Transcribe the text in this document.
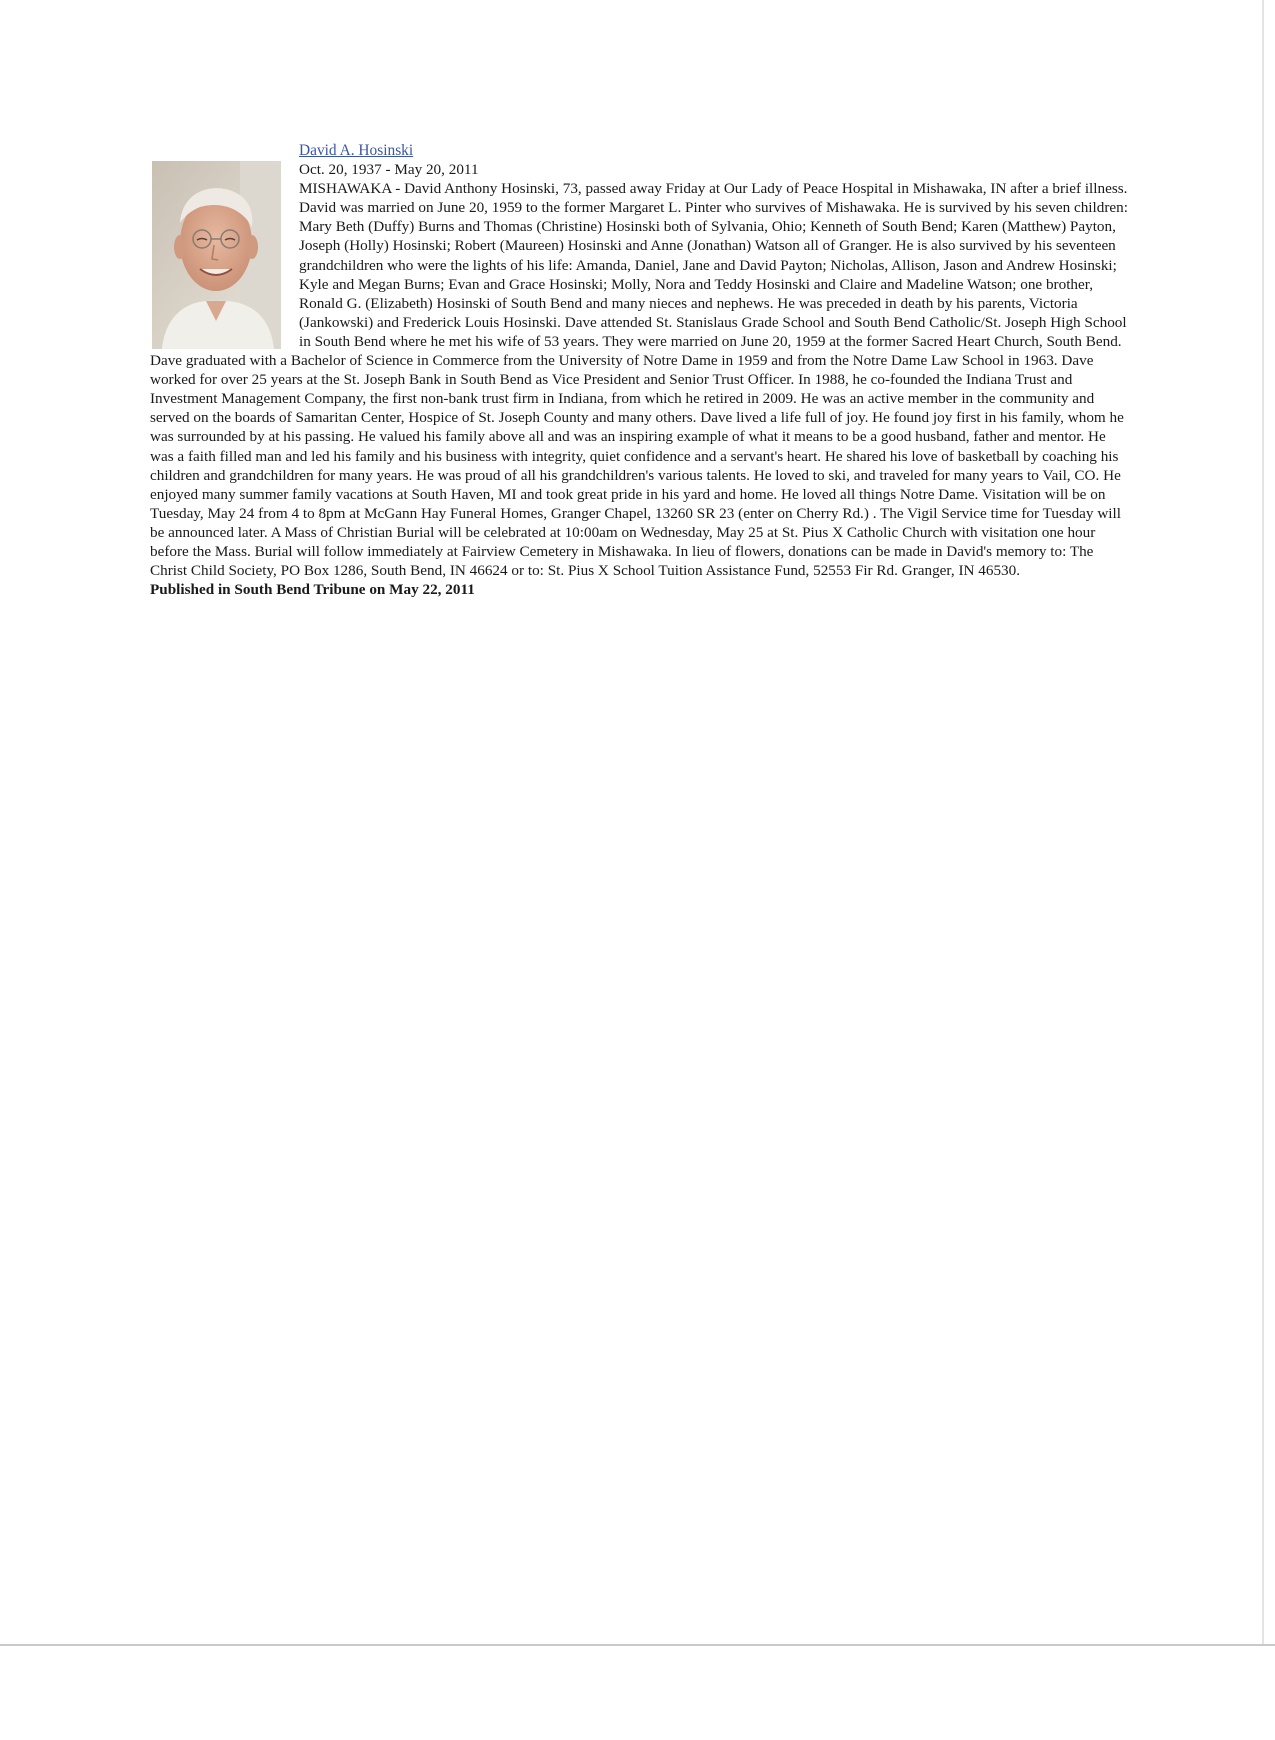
David A. Hosinski
Oct. 20, 1937 - May 20, 2011
MISHAWAKA - David Anthony Hosinski, 73, passed away Friday at Our Lady of Peace Hospital in Mishawaka, IN after a brief illness. David was married on June 20, 1959 to the former Margaret L. Pinter who survives of Mishawaka. He is survived by his seven children: Mary Beth (Duffy) Burns and Thomas (Christine) Hosinski both of Sylvania, Ohio; Kenneth of South Bend; Karen (Matthew) Payton, Joseph (Holly) Hosinski; Robert (Maureen) Hosinski and Anne (Jonathan) Watson all of Granger. He is also survived by his seventeen grandchildren who were the lights of his life: Amanda, Daniel, Jane and David Payton; Nicholas, Allison, Jason and Andrew Hosinski; Kyle and Megan Burns; Evan and Grace Hosinski; Molly, Nora and Teddy Hosinski and Claire and Madeline Watson; one brother, Ronald G. (Elizabeth) Hosinski of South Bend and many nieces and nephews. He was preceded in death by his parents, Victoria (Jankowski) and Frederick Louis Hosinski. Dave attended St. Stanislaus Grade School and South Bend Catholic/St. Joseph High School in South Bend where he met his wife of 53 years. They were married on June 20, 1959 at the former Sacred Heart Church, South Bend. Dave graduated with a Bachelor of Science in Commerce from the University of Notre Dame in 1959 and from the Notre Dame Law School in 1963. Dave worked for over 25 years at the St. Joseph Bank in South Bend as Vice President and Senior Trust Officer. In 1988, he co-founded the Indiana Trust and Investment Management Company, the first non-bank trust firm in Indiana, from which he retired in 2009. He was an active member in the community and served on the boards of Samaritan Center, Hospice of St. Joseph County and many others. Dave lived a life full of joy. He found joy first in his family, whom he was surrounded by at his passing. He valued his family above all and was an inspiring example of what it means to be a good husband, father and mentor. He was a faith filled man and led his family and his business with integrity, quiet confidence and a servant's heart. He shared his love of basketball by coaching his children and grandchildren for many years. He was proud of all his grandchildren's various talents. He loved to ski, and traveled for many years to Vail, CO. He enjoyed many summer family vacations at South Haven, MI and took great pride in his yard and home. He loved all things Notre Dame. Visitation will be on Tuesday, May 24 from 4 to 8pm at McGann Hay Funeral Homes, Granger Chapel, 13260 SR 23 (enter on Cherry Rd.) . The Vigil Service time for Tuesday will be announced later. A Mass of Christian Burial will be celebrated at 10:00am on Wednesday, May 25 at St. Pius X Catholic Church with visitation one hour before the Mass. Burial will follow immediately at Fairview Cemetery in Mishawaka. In lieu of flowers, donations can be made in David's memory to: The Christ Child Society, PO Box 1286, South Bend, IN 46624 or to: St. Pius X School Tuition Assistance Fund, 52553 Fir Rd. Granger, IN 46530.
Published in South Bend Tribune on May 22, 2011
